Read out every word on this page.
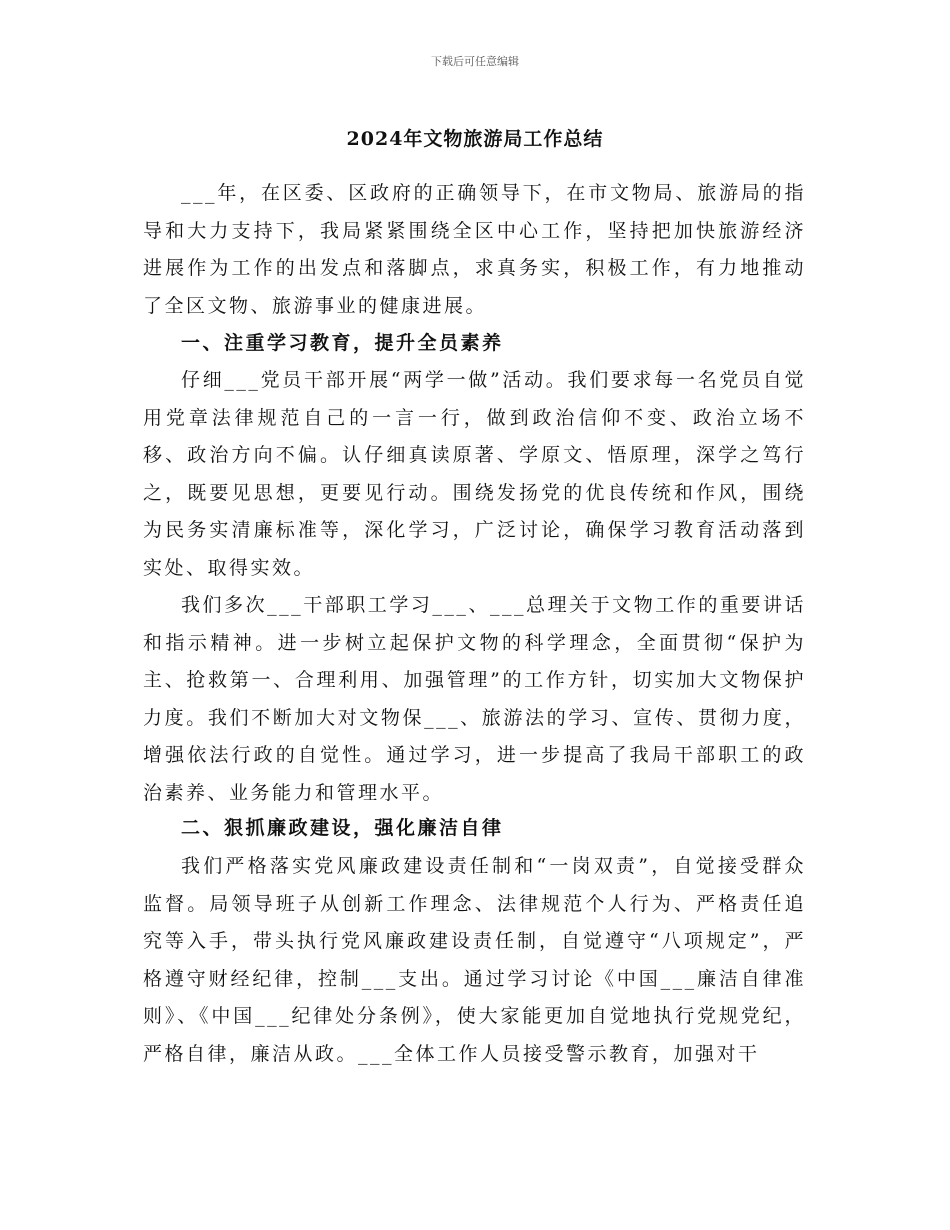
下载后可任意编辑
2024年文物旅游局工作总结

___年，在区委、区政府的正确领导下，在市文物局、旅游局的指导和大力支持下，我局紧紧围绕全区中心工作，坚持把加快旅游经济进展作为工作的出发点和落脚点，求真务实，积极工作，有力地推动了全区文物、旅游事业的健康进展。

一、注重学习教育，提升全员素养

仔细___党员干部开展“两学一做”活动。我们要求每一名党员自觉用党章法律规范自己的一言一行，做到政治信仰不变、政治立场不移、政治方向不偏。认仔细真读原著、学原文、悟原理，深学之笃行之，既要见思想，更要见行动。围绕发扬党的优良传统和作风，围绕为民务实清廉标准等，深化学习，广泛讨论，确保学习教育活动落到实处、取得实效。

我们多次___干部职工学习___、___总理关于文物工作的重要讲话和指示精神。进一步树立起保护文物的科学理念，全面贯彻“保护为主、抢救第一、合理利用、加强管理”的工作方针，切实加大文物保护力度。我们不断加大对文物保___、旅游法的学习、宣传、贯彻力度，增强依法行政的自觉性。通过学习，进一步提高了我局干部职工的政治素养、业务能力和管理水平。

二、狠抓廉政建设，强化廉洁自律

我们严格落实党风廉政建设责任制和“一岗双责”，自觉接受群众监督。局领导班子从创新工作理念、法律规范个人行为、严格责任追究等入手，带头执行党风廉政建设责任制，自觉遵守“八项规定”，严格遵守财经纪律，控制___支出。通过学习讨论《中国___廉洁自律准则》、《中国___纪律处分条例》，使大家能更加自觉地执行党规党纪，严格自律，廉洁从政。___全体工作人员接受警示教育，加强对干
